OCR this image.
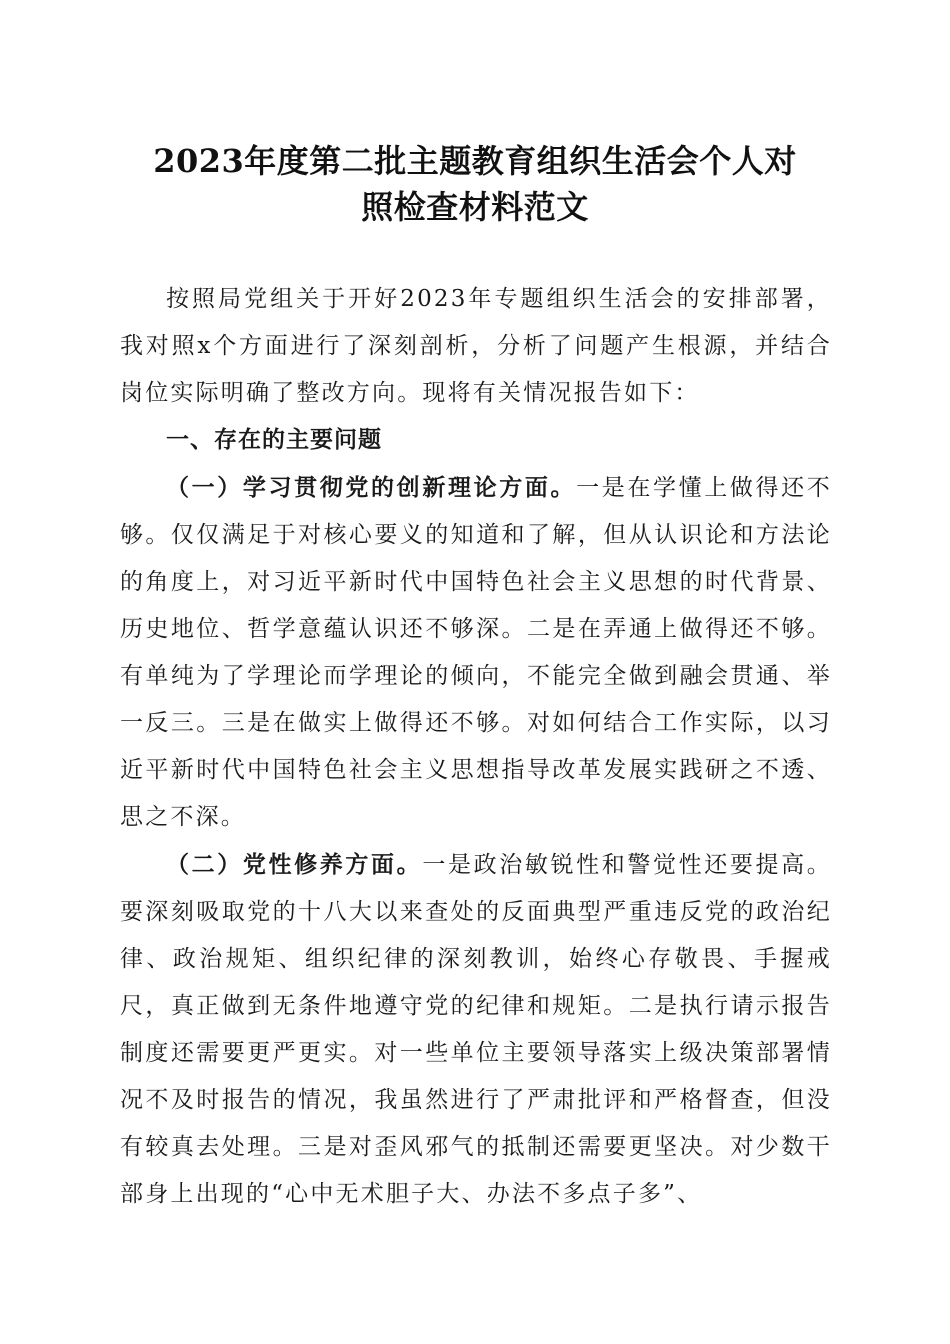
2023年度第二批主题教育组织生活会个人对
照检查材料范文

按照局党组关于开好2023年专题组织生活会的安排部署，我对照x个方面进行了深刻剖析，分析了问题产生根源，并结合岗位实际明确了整改方向。现将有关情况报告如下：

一、存在的主要问题

（一）学习贯彻党的创新理论方面。一是在学懂上做得还不够。仅仅满足于对核心要义的知道和了解，但从认识论和方法论的角度上，对习近平新时代中国特色社会主义思想的时代背景、历史地位、哲学意蕴认识还不够深。二是在弄通上做得还不够。有单纯为了学理论而学理论的倾向，不能完全做到融会贯通、举一反三。三是在做实上做得还不够。对如何结合工作实际，以习近平新时代中国特色社会主义思想指导改革发展实践研之不透、思之不深。

（二）党性修养方面。一是政治敏锐性和警觉性还要提高。要深刻吸取党的十八大以来查处的反面典型严重违反党的政治纪律、政治规矩、组织纪律的深刻教训，始终心存敬畏、手握戒尺，真正做到无条件地遵守党的纪律和规矩。二是执行请示报告制度还需要更严更实。对一些单位主要领导落实上级决策部署情况不及时报告的情况，我虽然进行了严肃批评和严格督查，但没有较真去处理。三是对歪风邪气的抵制还需要更坚决。对少数干部身上出现的“心中无术胆子大、办法不多点子多”、
